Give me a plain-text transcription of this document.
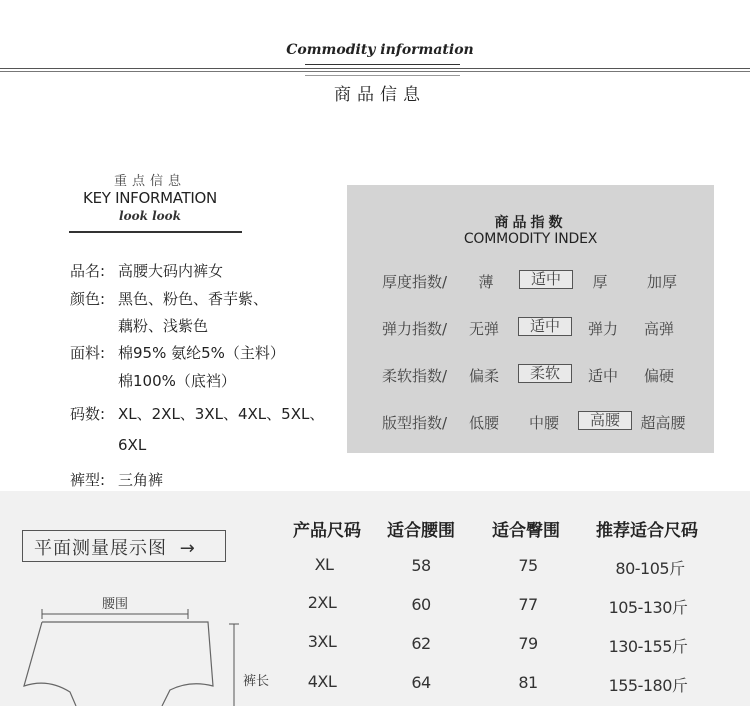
Commodity information
商品信息
重点信息
KEY INFORMATION
look look
品名: 高腰大码内裤女
颜色: 黑色、粉色、香芋紫、
藕粉、浅紫色
面料: 棉95% 氨纶5%（主料）
棉100%（底裆）
码数: XL、2XL、3XL、4XL、5XL、
6XL
裤型: 三角裤
商品指数
COMMODITY INDEX
厚度指数/	薄	适中	厚	加厚
弹力指数/	无弹	适中	弹力	高弹
柔软指数/	偏柔	柔软	适中	偏硬
版型指数/	低腰	中腰	高腰	超高腰
平面测量展示图 →
腰围
裤长
产品尺码	适合腰围	适合臀围	推荐适合尺码
XL	58	75	80-105斤
2XL	60	77	105-130斤
3XL	62	79	130-155斤
4XL	64	81	155-180斤
